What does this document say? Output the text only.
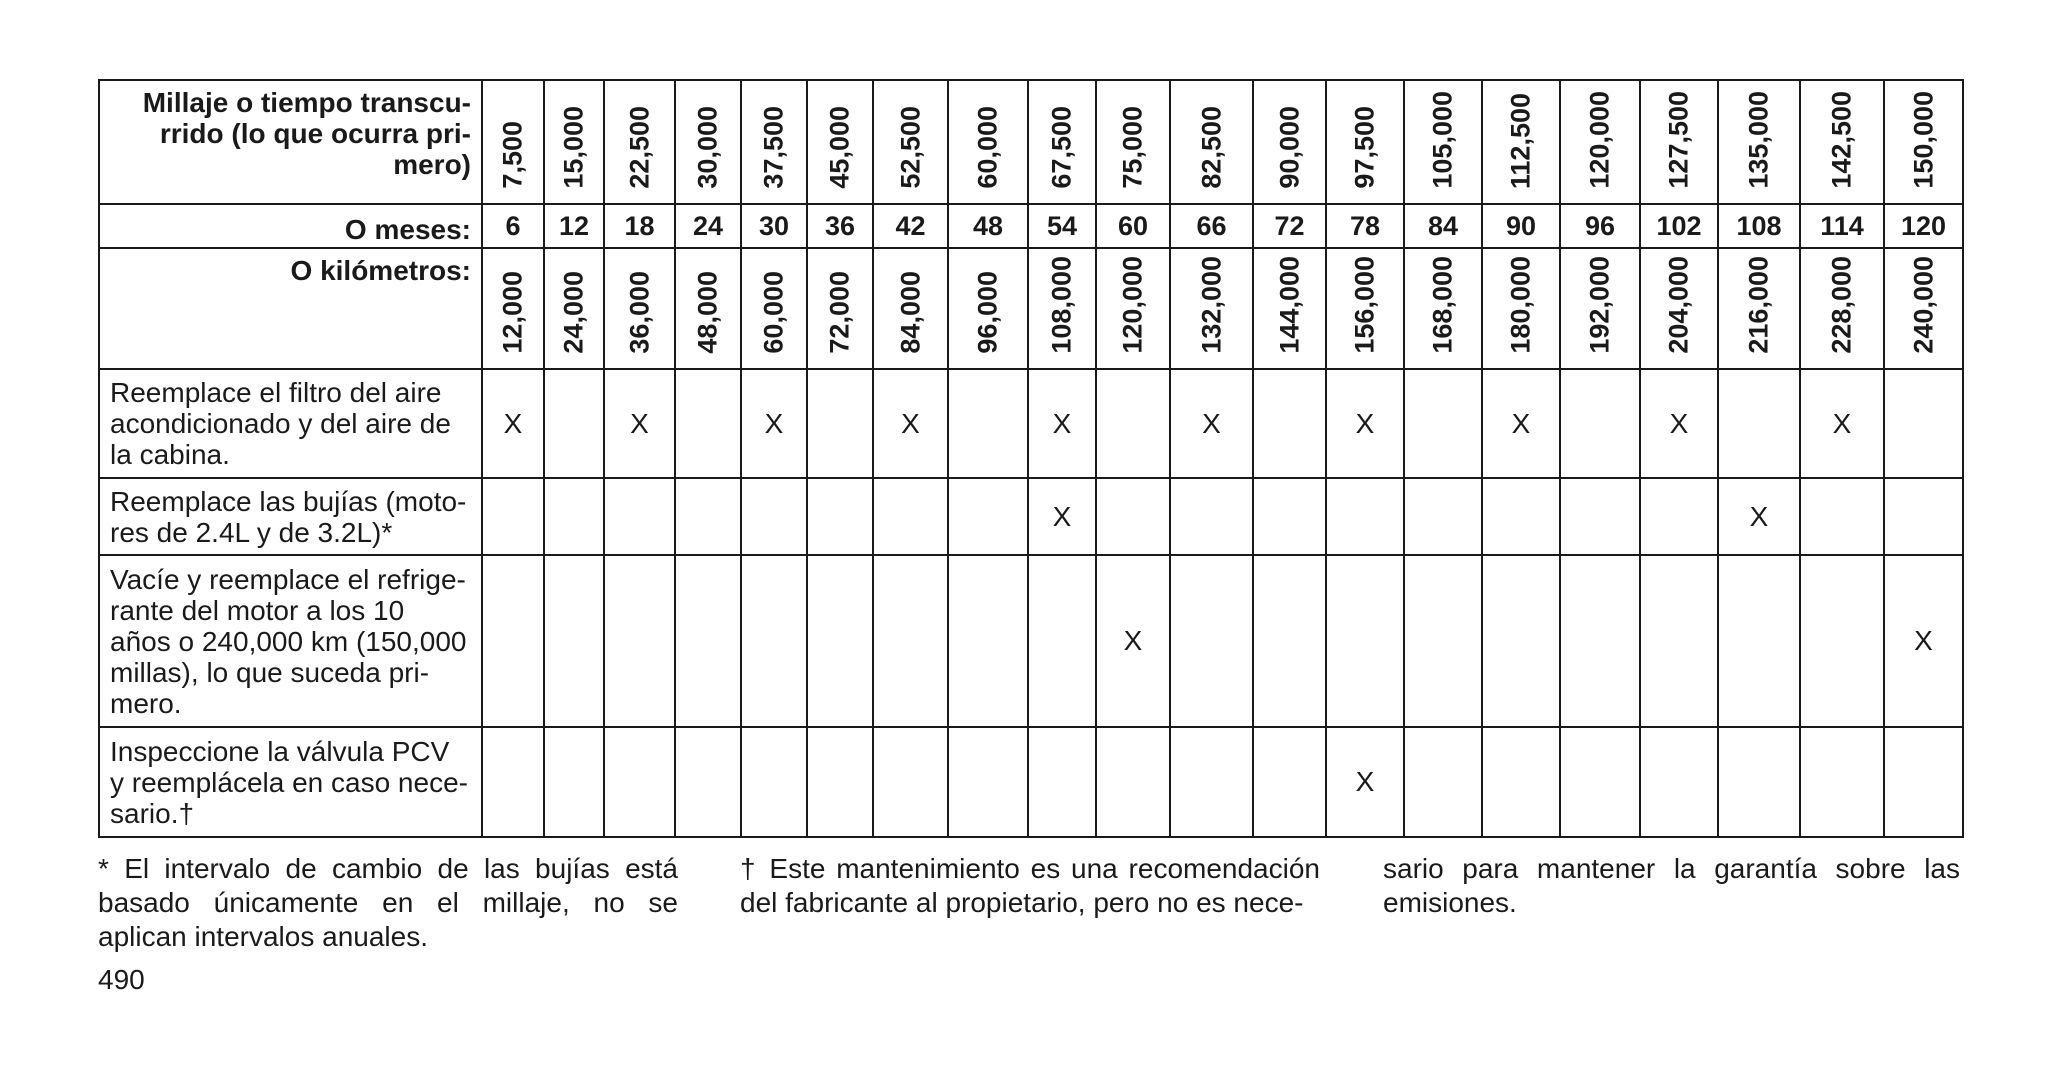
Millaje o tiempo transcu-
rrido (lo que ocurra pri-
mero)	7,500	15,000	22,500	30,000	37,500	45,000	52,500	60,000	67,500	75,000	82,500	90,000	97,500	105,000	112,500	120,000	127,500	135,000	142,500	150,000

O meses:	6	12	18	24	30	36	42	48	54	60	66	72	78	84	90	96	102	108	114	120
O kilómetros:	12,000	24,000	36,000	48,000	60,000	72,000	84,000	96,000	108,000	120,000	132,000	144,000	156,000	168,000	180,000	192,000	204,000	216,000	228,000	240,000

Reemplace el filtro del aire
acondicionado y del aire de
la cabina.	X		X		X		X		X		X		X		X		X		X	
Reemplace las bujías (moto-
res de 2.4L y de 3.2L)*									X									X		
Vacíe y reemplace el refrige-
rante del motor a los 10
años o 240,000 km (150,000
millas), lo que suceda pri-
mero.										X										X
Inspeccione la válvula PCV
y reemplácela en caso nece-
sario.†													X							
* El intervalo de cambio de las bujías está basado únicamente en el millaje, no se aplican intervalos anuales.
† Este mantenimiento es una recomendación del fabricante al propietario, pero no es nece-
sario para mantener la garantía sobre las emisiones.
490
